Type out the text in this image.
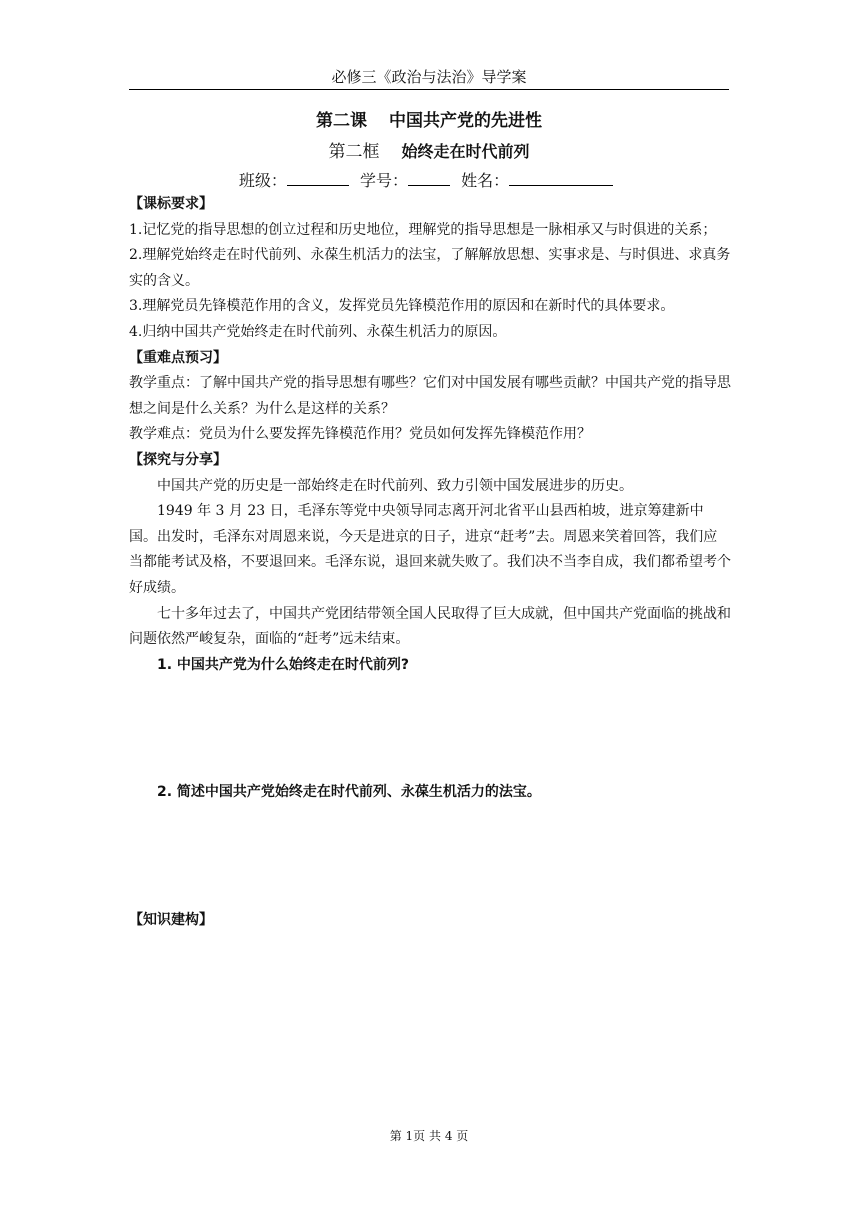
必修三《政治与法治》导学案
第二课 中国共产党的先进性
第二框 始终走在时代前列
班级：	学号：	姓名：
【课标要求】

1.记忆党的指导思想的创立过程和历史地位，理解党的指导思想是一脉相承又与时俱进的关系；

2.理解党始终走在时代前列、永葆生机活力的法宝，了解解放思想、实事求是、与时俱进、求真务实的含义。

3.理解党员先锋模范作用的含义，发挥党员先锋模范作用的原因和在新时代的具体要求。

4.归纳中国共产党始终走在时代前列、永葆生机活力的原因。

【重难点预习】

教学重点：了解中国共产党的指导思想有哪些？它们对中国发展有哪些贡献？中国共产党的指导思想之间是什么关系？为什么是这样的关系？

教学难点：党员为什么要发挥先锋模范作用？党员如何发挥先锋模范作用？

【探究与分享】

中国共产党的历史是一部始终走在时代前列、致力引领中国发展进步的历史。

1949 年 3 月 23 日，毛泽东等党中央领导同志离开河北省平山县西柏坡，进京筹建新中国。出发时，毛泽东对周恩来说，今天是进京的日子，进京“赶考”去。周恩来笑着回答，我们应当都能考试及格，不要退回来。毛泽东说，退回来就失败了。我们决不当李自成，我们都希望考个好成绩。

七十多年过去了，中国共产党团结带领全国人民取得了巨大成就，但中国共产党面临的挑战和问题依然严峻复杂，面临的“赶考”远未结束。

1. 中国共产党为什么始终走在时代前列?

2. 简述中国共产党始终走在时代前列、永葆生机活力的法宝。

【知识建构】
第 1页 共 4 页
